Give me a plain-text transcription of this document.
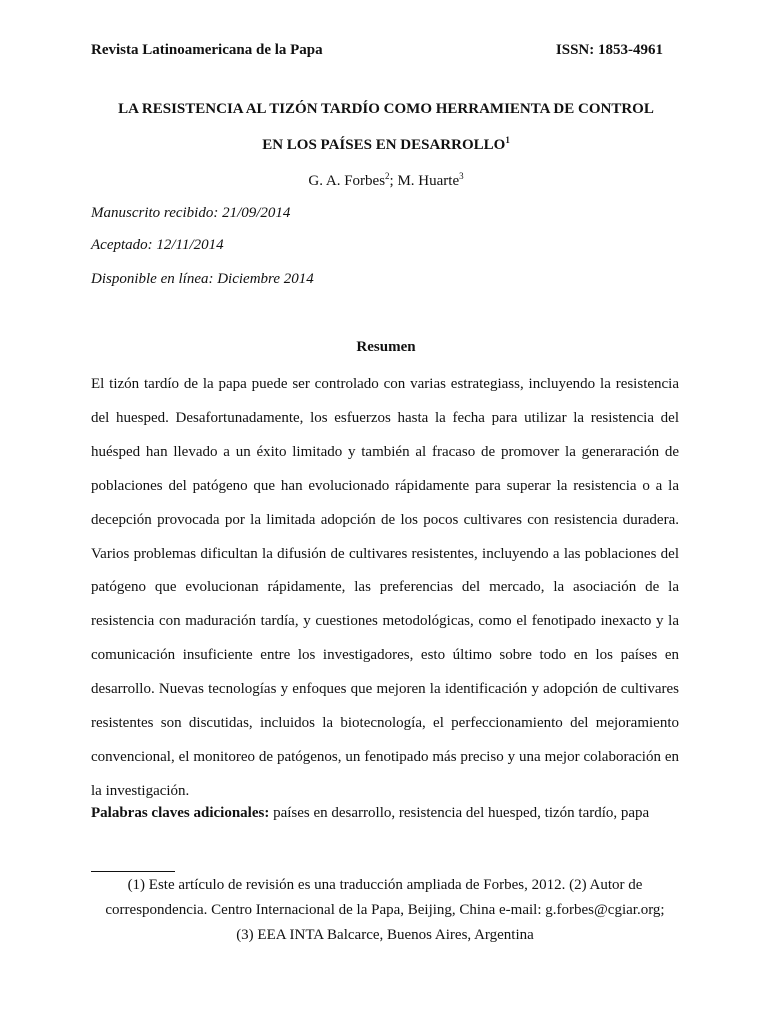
Revista Latinoamericana de la Papa	ISSN: 1853-4961
LA RESISTENCIA AL TIZÓN TARDÍO COMO HERRAMIENTA DE CONTROL
EN LOS PAÍSES EN DESARROLLO$^1$
G. A. Forbes$^2$; M. Huarte$^3$
Manuscrito recibido: 21/09/2014
Aceptado: 12/11/2014
Disponible en línea: Diciembre 2014
Resumen

El tizón tardío de la papa puede ser controlado con varias estrategiass, incluyendo la resistencia del huesped. Desafortunadamente, los esfuerzos hasta la fecha para utilizar la resistencia del huésped han llevado a un éxito limitado y también al fracaso de promover la generaración de poblaciones del patógeno que han evolucionado rápidamente para superar la resistencia o a la decepción provocada por la limitada adopción de los pocos cultivares con resistencia duradera. Varios problemas dificultan la difusión de cultivares resistentes, incluyendo a las poblaciones del patógeno que evolucionan rápidamente, las preferencias del mercado, la asociación de la resistencia con maduración tardía, y cuestiones metodológicas, como el fenotipado inexacto y la comunicación insuficiente entre los investigadores, esto último sobre todo en los países en desarrollo. Nuevas tecnologías y enfoques que mejoren la identificación y adopción de cultivares resistentes son discutidas, incluidos la biotecnología, el perfeccionamiento del mejoramiento convencional, el monitoreo de patógenos, un fenotipado más preciso y una mejor colaboración en la investigación.

Palabras claves adicionales: países en desarrollo, resistencia del huesped, tizón tardío, papa

(1) Este artículo de revisión es una traducción ampliada de Forbes, 2012. (2) Autor de
correspondencia. Centro Internacional de la Papa, Beijing, China e-mail: g.forbes@cgiar.org;
(3) EEA INTA Balcarce, Buenos Aires, Argentina
